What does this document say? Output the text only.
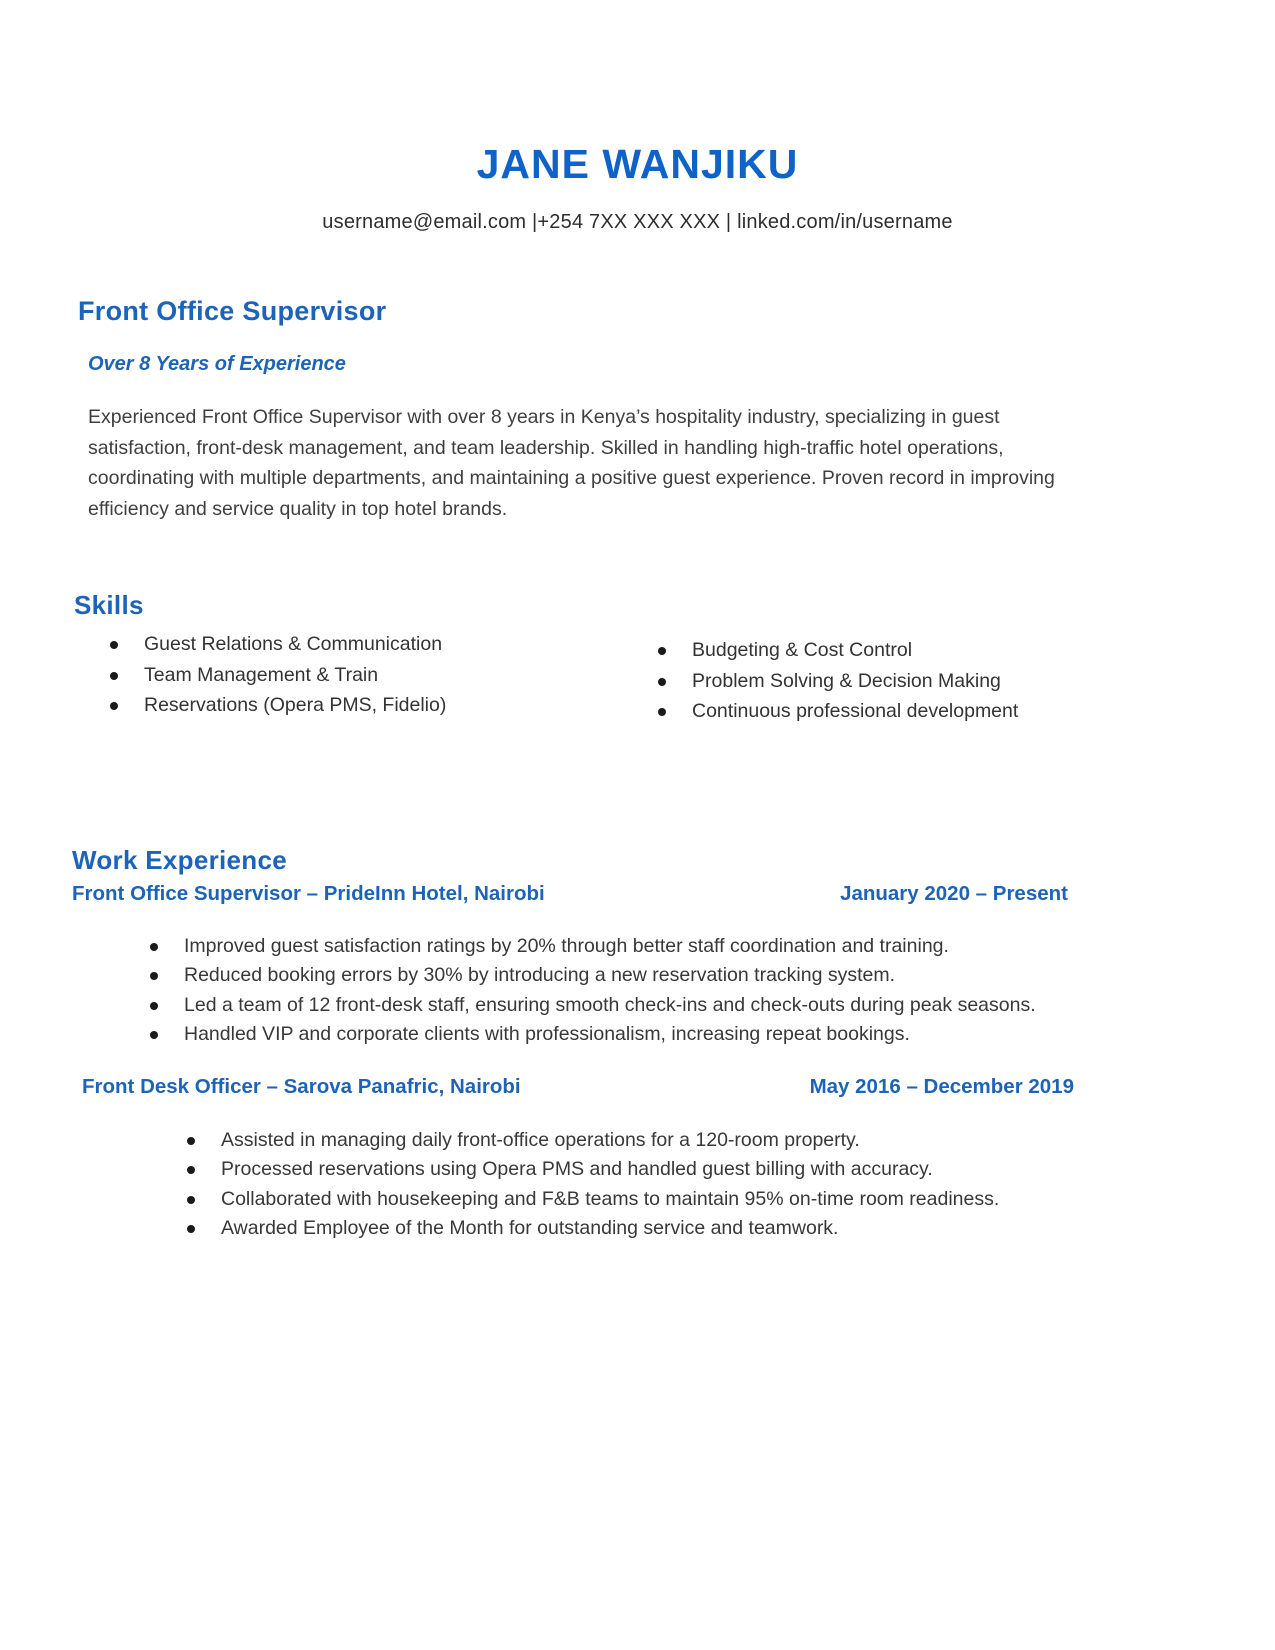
JANE WANJIKU
username@email.com |+254 7XX XXX XXX | linked.com/in/username
Front Office Supervisor
Over 8 Years of Experience

Experienced Front Office Supervisor with over 8 years in Kenya’s hospitality industry, specializing in guest satisfaction, front-desk management, and team leadership. Skilled in handling high-traffic hotel operations, coordinating with multiple departments, and maintaining a positive guest experience. Proven record in improving efficiency and service quality in top hotel brands.

Skills
Guest Relations & Communication
Team Management & Train
Reservations (Opera PMS, Fidelio)
Budgeting & Cost Control
Problem Solving & Decision Making
Continuous professional development
Work Experience
Front Office Supervisor – PrideInn Hotel, Nairobi	January 2020 – Present
Improved guest satisfaction ratings by 20% through better staff coordination and training.
Reduced booking errors by 30% by introducing a new reservation tracking system.
Led a team of 12 front-desk staff, ensuring smooth check-ins and check-outs during peak seasons.
Handled VIP and corporate clients with professionalism, increasing repeat bookings.
Front Desk Officer – Sarova Panafric, Nairobi	May 2016 – December 2019
Assisted in managing daily front-office operations for a 120-room property.
Processed reservations using Opera PMS and handled guest billing with accuracy.
Collaborated with housekeeping and F&B teams to maintain 95% on-time room readiness.
Awarded Employee of the Month for outstanding service and teamwork.
